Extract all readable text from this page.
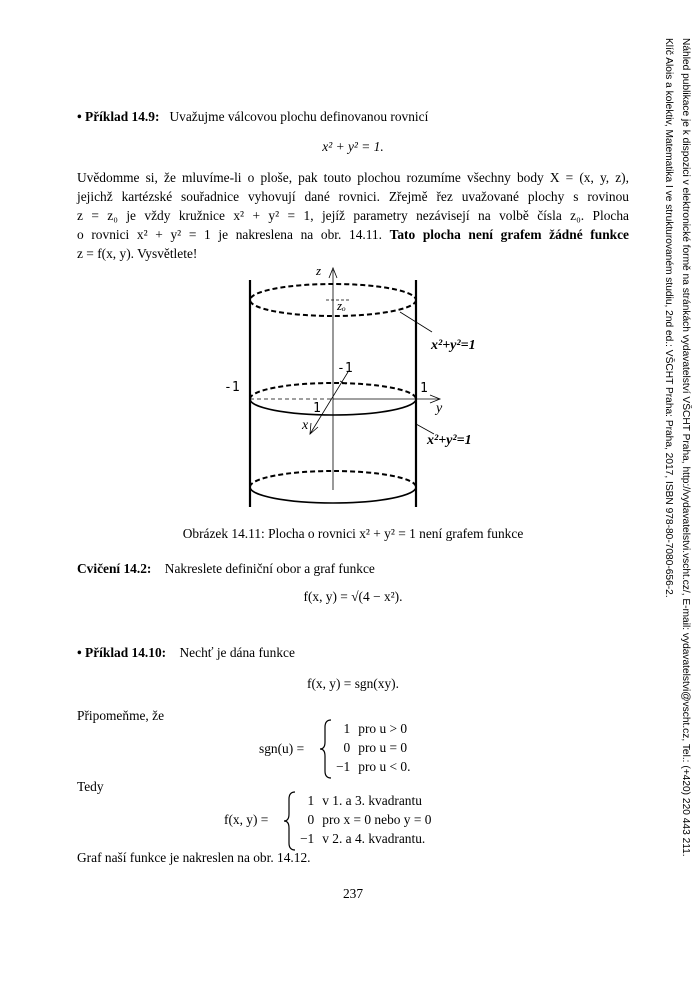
• Příklad 14.9: Uvažujme válcovou plochu definovanou rovnicí
x² + y² = 1.
Uvědomme si, že mluvíme-li o ploše, pak touto plochou rozumíme všechny body X = (x, y, z),
jejichž kartézské souřadnice vyhovují dané rovnici. Zřejmě řez uvažované plochy s rovinou
z = z₀ je vždy kružnice x² + y² = 1, jejíž parametry nezávisejí na volbě čísla z₀. Plocha
o rovnici x² + y² = 1 je nakreslena na obr. 14.11. Tato plocha není grafem žádné funkce
z = f(x, y). Vysvětlete!
z
zₒ
x²+y²=1
-1
-1	1
1	y
x
x²+y²=1
Obrázek 14.11: Plocha o rovnici x² + y² = 1 není grafem funkce
Cvičení 14.2: Nakreslete definiční obor a graf funkce
f(x, y) = √(4 − x²).
• Příklad 14.10: Nechť je dána funkce
f(x, y) = sgn(xy).
Připomeňme, že
sgn(u) =
1	pro u > 0
0	pro u = 0
−1	pro u < 0.
Tedy
f(x, y) =
1	v 1. a 3. kvadrantu
0	pro x = 0 nebo y = 0
−1	v 2. a 4. kvadrantu.
Graf naší funkce je nakreslen na obr. 14.12.
237
Náhled publikace je k dispozici v elektronické formě na stránkách vydavatelství VŠCHT Praha, http://vydavatelstvi.vscht.cz/, E-mail: vydavatelstvi@vscht.cz, Tel.: (+420) 220 443 211.
Klíč Alois a kolektiv, Matematika I ve strukturovaném studiu, 2nd ed.: VŠCHT Praha: Praha, 2017, ISBN 978-80-7080-656-2.
